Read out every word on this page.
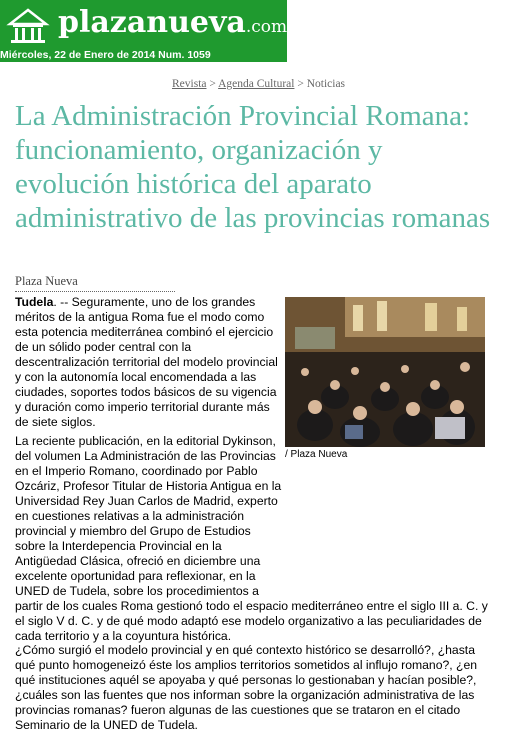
plazanueva.com
Miércoles, 22 de Enero de 2014 Num. 1059
Revista > Agenda Cultural > Noticias
La Administración Provincial Romana: funcionamiento, organización y evolución histórica del aparato administrativo de las provincias romanas
Plaza Nueva
/ Plaza Nueva

Tudela. -- Seguramente, uno de los grandes méritos de la antigua Roma fue el modo como esta potencia mediterránea combinó el ejercicio de un sólido poder central con la descentralización territorial del modelo provincial y con la autonomía local encomendada a las ciudades, soportes todos básicos de su vigencia y duración como imperio territorial durante más de siete siglos.

La reciente publicación, en la editorial Dykinson, del volumen La Administración de las Provincias en el Imperio Romano, coordinado por Pablo Ozcáriz, Profesor Titular de Historia Antigua en la Universidad Rey Juan Carlos de Madrid, experto en cuestiones relativas a la administración provincial y miembro del Grupo de Estudios sobre la Interdepencia Provincial en la Antigüedad Clásica, ofreció en diciembre una excelente oportunidad para reflexionar, en la UNED de Tudela, sobre los procedimientos a

partir de los cuales Roma gestionó todo el espacio mediterráneo entre el siglo III a. C. y el siglo V d. C. y de qué modo adaptó ese modelo organizativo a las peculiaridades de cada territorio y a la coyuntura histórica.

¿Cómo surgió el modelo provincial y en qué contexto histórico se desarrolló?, ¿hasta qué punto homogeneizó éste los amplios territorios sometidos al influjo romano?, ¿en qué instituciones aquél se apoyaba y qué personas lo gestionaban y hacían posible?, ¿cuáles son las fuentes que nos informan sobre la organización administrativa de las provincias romanas? fueron algunas de las cuestiones que se trataron en el citado Seminario de la UNED de Tudela.
